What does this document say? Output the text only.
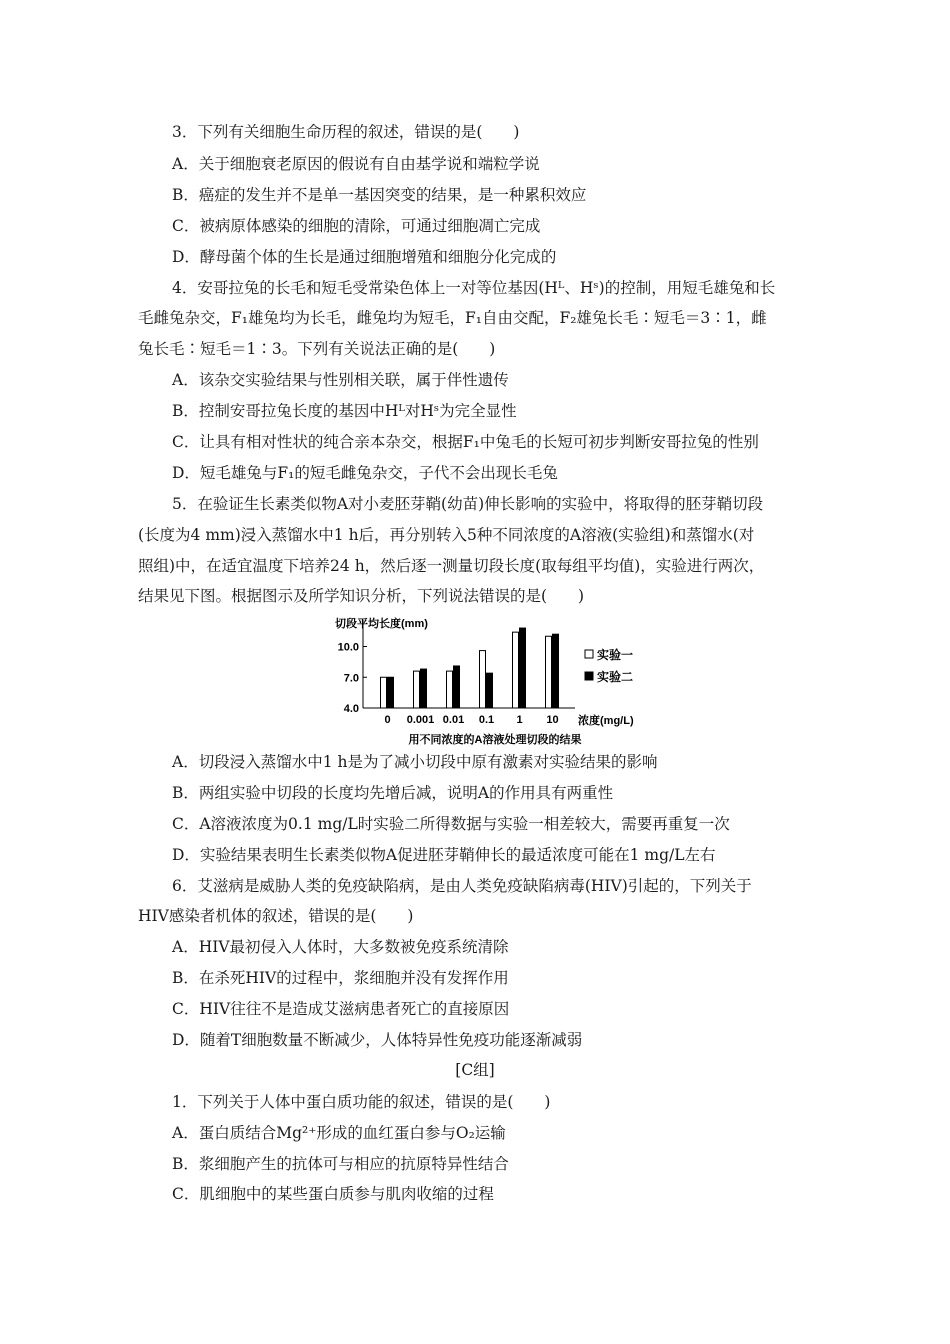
3．下列有关细胞生命历程的叙述，错误的是(　　)
A．关于细胞衰老原因的假说有自由基学说和端粒学说
B．癌症的发生并不是单一基因突变的结果，是一种累积效应
C．被病原体感染的细胞的清除，可通过细胞凋亡完成
D．酵母菌个体的生长是通过细胞增殖和细胞分化完成的
4．安哥拉兔的长毛和短毛受常染色体上一对等位基因(Hᴸ、Hˢ)的控制，用短毛雄兔和长
毛雌兔杂交，F₁雄兔均为长毛，雌兔均为短毛，F₁自由交配，F₂雄兔长毛∶短毛＝3∶1，雌
兔长毛∶短毛＝1∶3。下列有关说法正确的是(　　)
A．该杂交实验结果与性别相关联，属于伴性遗传
B．控制安哥拉兔长度的基因中Hᴸ对Hˢ为完全显性
C．让具有相对性状的纯合亲本杂交，根据F₁中兔毛的长短可初步判断安哥拉兔的性别
D．短毛雄兔与F₁的短毛雌兔杂交，子代不会出现长毛兔
5．在验证生长素类似物A对小麦胚芽鞘(幼苗)伸长影响的实验中，将取得的胚芽鞘切段
(长度为4 mm)浸入蒸馏水中1 h后，再分别转入5种不同浓度的A溶液(实验组)和蒸馏水(对
照组)中，在适宜温度下培养24 h，然后逐一测量切段长度(取每组平均值)，实验进行两次，
结果见下图。根据图示及所学知识分析，下列说法错误的是(　　)
切段平均长度(mm)
浓度(mg/L)
用不同浓度的A溶液处理切段的结果
4.0
7.0
10.0
0 0.001 0.01 0.1 1 10
实验一
实验二
A．切段浸入蒸馏水中1 h是为了减小切段中原有激素对实验结果的影响
B．两组实验中切段的长度均先增后减，说明A的作用具有两重性
C．A溶液浓度为0.1 mg/L时实验二所得数据与实验一相差较大，需要再重复一次
D．实验结果表明生长素类似物A促进胚芽鞘伸长的最适浓度可能在1 mg/L左右
6．艾滋病是威胁人类的免疫缺陷病，是由人类免疫缺陷病毒(HIV)引起的，下列关于
HIV感染者机体的叙述，错误的是(　　)
A．HIV最初侵入人体时，大多数被免疫系统清除
B．在杀死HIV的过程中，浆细胞并没有发挥作用
C．HIV往往不是造成艾滋病患者死亡的直接原因
D．随着T细胞数量不断减少，人体特异性免疫功能逐渐减弱
[C组]
1．下列关于人体中蛋白质功能的叙述，错误的是(　　)
A．蛋白质结合Mg²⁺形成的血红蛋白参与O₂运输
B．浆细胞产生的抗体可与相应的抗原特异性结合
C．肌细胞中的某些蛋白质参与肌肉收缩的过程
